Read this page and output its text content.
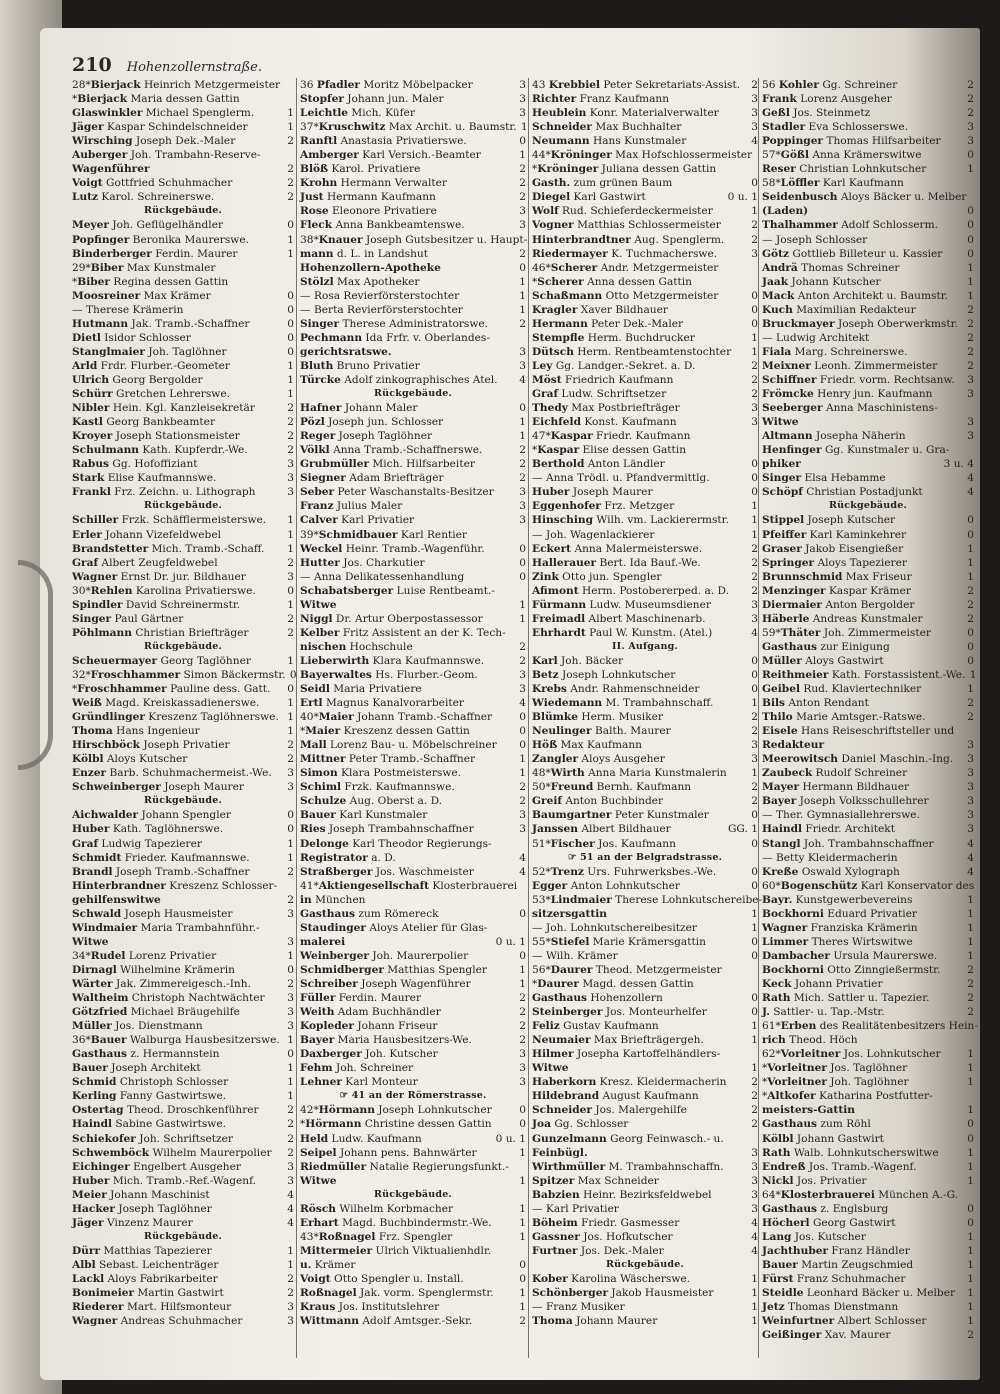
210 Hohenzollernstraße.
28*Bierjack Heinrich Metzgermeister
*Bierjack Maria dessen Gattin
Glaswinkler Michael Spenglerm.	1
Jäger Kaspar Schindelschneider	1
Wirsching Joseph Dek.-Maler	2
Auberger Joh. Trambahn-Reserve-
Wagenführer	2
Voigt Gottfried Schuhmacher	2
Lutz Karol. Schreinerswe.	2
Rückgebäude.
Meyer Joh. Geflügelhändler	0
Popfinger Beronika Maurerswe.	1
Binderberger Ferdin. Maurer	1
29*Biber Max Kunstmaler
*Biber Regina dessen Gattin
Moosreiner Max Krämer	0
— Therese Krämerin	0
Hutmann Jak. Tramb.-Schaffner	0
Dietl Isidor Schlosser	0
Stanglmaier Joh. Taglöhner	0
Arld Frdr. Flurber.-Geometer	1
Ulrich Georg Bergolder	1
Schürr Gretchen Lehrerswe.	1
Nibler Hein. Kgl. Kanzleisekretär	2
Kastl Georg Bankbeamter	2
Kroyer Joseph Stationsmeister	2
Schulmann Kath. Kupferdr.-We.	2
Rabus Gg. Hofoffiziant	3
Stark Elise Kaufmannswe.	3
Frankl Frz. Zeichn. u. Lithograph	3
Rückgebäude.
Schiller Frzk. Schäfflermeisterswe.	1
Erler Johann Vizefeldwebel	1
Brandstetter Mich. Tramb.-Schaff.	1
Graf Albert Zeugfeldwebel	2
Wagner Ernst Dr. jur. Bildhauer	3
30*Rehlen Karolina Privatierswe.	0
Spindler David Schreinermstr.	1
Singer Paul Gärtner	2
Pöhlmann Christian Briefträger	2
Rückgebäude.
Scheuermayer Georg Taglöhner	1
32*Froschhammer Simon Bäckermstr. 0
*Froschhammer Pauline dess. Gatt.	0
Weiß Magd. Kreiskassadienerswe.	1
Gründlinger Kreszenz Taglöhnerswe. 1
Thoma Hans Ingenieur	1
Hirschböck Joseph Privatier	2
Kölbl Aloys Kutscher	2
Enzer Barb. Schuhmachermeist.-We.	3
Schweinberger Joseph Maurer	3
Rückgebäude.
Aichwalder Johann Spengler	0
Huber Kath. Taglöhnerswe.	0
Graf Ludwig Tapezierer	1
Schmidt Frieder. Kaufmannswe.	1
Brandl Joseph Tramb.-Schaffner	2
Hinterbrandner Kreszenz Schlosser-
gehilfenswitwe	2
Schwald Joseph Hausmeister	3
Windmaier Maria Trambahnführ.-
Witwe	3
34*Rudel Lorenz Privatier	1
Dirnagl Wilhelmine Krämerin	0
Wärter Jak. Zimmereigesch.-Inh.	2
Waltheim Christoph Nachtwächter	3
Götzfried Michael Bräugehilfe	3
Müller Jos. Dienstmann	3
36*Bauer Walburga Hausbesitzerswe. 1
Gasthaus z. Hermannstein	0
Bauer Joseph Architekt	1
Schmid Christoph Schlosser	1
Kerling Fanny Gastwirtswe.	1
Ostertag Theod. Droschkenführer	2
Haindl Sabine Gastwirtswe.	2
Schiekofer Joh. Schriftsetzer	2
Schwemböck Wilhelm Maurerpolier	2
Eichinger Engelbert Ausgeher	3
Huber Mich. Tramb.-Ref.-Wagenf.	3
Meier Johann Maschinist	4
Hacker Joseph Taglöhner	4
Jäger Vinzenz Maurer	4
Rückgebäude.
Dürr Matthias Tapezierer	1
Albl Sebast. Leichenträger	1
Lackl Aloys Fabrikarbeiter	2
Bonimeier Martin Gastwirt	2
Riederer Mart. Hilfsmonteur	3
Wagner Andreas Schuhmacher	3
36 Pfadler Moritz Möbelpacker	3
Stopfer Johann jun. Maler	3
Leichtle Mich. Küfer	3
37*Kruschwitz Max Archit. u. Baumstr. 1
Ranftl Anastasia Privatierswe.	0
Amberger Karl Versich.-Beamter	1
Blöß Karol. Privatiere	2
Krohn Hermann Verwalter	2
Just Hermann Kaufmann	2
Rose Eleonore Privatiere	3
Fleck Anna Bankbeamtenswe.	3
38*Knauer Joseph Gutsbesitzer u. Haupt-
mann d. L. in Landshut	2
Hohenzollern-Apotheke	0
Stölzl Max Apotheker	1
— Rosa Revierförsterstochter	1
— Berta Revierförsterstochter	1
Singer Therese Administratorswe.	2
Pechmann Ida Frfr. v. Oberlandes-
gerichtsratswe.	3
Bluth Bruno Privatier	3
Türcke Adolf zinkographisches Atel.	4
Rückgebäude.
Hafner Johann Maler	0
Pözl Joseph jun. Schlosser	1
Reger Joseph Taglöhner	1
Völkl Anna Tramb.-Schaffnerswe.	2
Grubmüller Mich. Hilfsarbeiter	2
Siegner Adam Briefträger	2
Seber Peter Waschanstalts-Besitzer	3
Franz Julius Maler	3
Calver Karl Privatier	3
39*Schmidbauer Karl Rentier
Weckel Heinr. Tramb.-Wagenführ.	0
Hutter Jos. Charkutier	0
— Anna Delikatessenhandlung	0
Schabatsberger Luise Rentbeamt.-
Witwe	1
Niggl Dr. Artur Oberpostassessor	1
Kelber Fritz Assistent an der K. Tech-
nischen Hochschule	2
Lieberwirth Klara Kaufmannswe.	2
Bayerwaltes Hs. Flurber.-Geom.	3
Seidl Maria Privatiere	3
Ertl Magnus Kanalvorarbeiter	4
40*Maier Johann Tramb.-Schaffner	0
*Maier Kreszenz dessen Gattin	0
Mall Lorenz Bau- u. Möbelschreiner	0
Mittner Peter Tramb.-Schaffner	1
Simon Klara Postmeisterswe.	1
Schiml Frzk. Kaufmannswe.	2
Schulze Aug. Oberst a. D.	2
Bauer Karl Kunstmaler	3
Ries Joseph Trambahnschaffner	3
Delonge Karl Theodor Regierungs-
Registrator a. D.	4
Straßberger Jos. Waschmeister	4
41*Aktiengesellschaft Klosterbrauerei
in München
Gasthaus zum Römereck	0
Staudinger Aloys Atelier für Glas-
malerei	0 u. 1
Weinberger Joh. Maurerpolier	0
Schmidberger Matthias Spengler	1
Schreiber Joseph Wagenführer	1
Füller Ferdin. Maurer	2
Weith Adam Buchhändler	2
Kopleder Johann Friseur	2
Bayer Maria Hausbesitzers-We.	2
Daxberger Joh. Kutscher	3
Fehm Joh. Schreiner	3
Lehner Karl Monteur	3
☞ 41 an der Römerstrasse.
42*Hörmann Joseph Lohnkutscher	0
*Hörmann Christine dessen Gattin	0
Held Ludw. Kaufmann	0 u. 1
Seipel Johann pens. Bahnwärter	1
Riedmüller Natalie Regierungsfunkt.-
Witwe	1
Rückgebäude.
Rösch Wilhelm Korbmacher	1
Erhart Magd. Buchbindermstr.-We.	1
43*Roßnagel Frz. Spengler	1
Mittermeier Ulrich Viktualienhdlr.
u. Krämer	0
Voigt Otto Spengler u. Install.	0
Roßnagel Jak. vorm. Spenglermstr.	1
Kraus Jos. Institutslehrer	1
Wittmann Adolf Amtsger.-Sekr.	2
43 Krebbiel Peter Sekretariats-Assist.	2
Richter Franz Kaufmann	3
Heublein Konr. Materialverwalter	3
Schneider Max Buchhalter	3
Neumann Hans Kunstmaler	4
44*Kröninger Max Hofschlossermeister
*Kröninger Juliana dessen Gattin
Gasth. zum grünen Baum	0
Diegel Karl Gastwirt	0 u. 1
Wolf Rud. Schieferdeckermeister	1
Vogner Matthias Schlossermeister	2
Hinterbrandtner Aug. Spenglerm.	2
Riedermayer K. Tuchmacherswe.	3
46*Scherer Andr. Metzgermeister
*Scherer Anna dessen Gattin
Schaßmann Otto Metzgermeister	0
Kragler Xaver Bildhauer	0
Hermann Peter Dek.-Maler	0
Stempfle Herm. Buchdrucker	1
Dütsch Herm. Rentbeamtenstochter	1
Ley Gg. Landger.-Sekret. a. D.	2
Möst Friedrich Kaufmann	2
Graf Ludw. Schriftsetzer	2
Thedy Max Postbriefträger	3
Eichfeld Konst. Kaufmann	3
47*Kaspar Friedr. Kaufmann
*Kaspar Elise dessen Gattin
Berthold Anton Ländler	0
— Anna Trödl. u. Pfandvermittlg.	0
Huber Joseph Maurer	0
Eggenhofer Frz. Metzger	1
Hinsching Wilh. vm. Lackierermstr.	1
— Joh. Wagenlackierer	1
Eckert Anna Malermeisterswe.	2
Hallerauer Bert. Ida Bauf.-We.	2
Zink Otto jun. Spengler	2
Afimont Herm. Postobererped. a. D.	2
Fürmann Ludw. Museumsdiener	3
Freimadl Albert Maschinenarb.	3
Ehrhardt Paul W. Kunstm. (Atel.)	4
II. Aufgang.
Karl Joh. Bäcker	0
Betz Joseph Lohnkutscher	0
Krebs Andr. Rahmenschneider	0
Wiedemann M. Trambahnschaff.	1
Blümke Herm. Musiker	2
Neulinger Balth. Maurer	2
Höß Max Kaufmann	3
Zangler Aloys Ausgeher	3
48*Wirth Anna Maria Kunstmalerin	1
50*Freund Bernh. Kaufmann	2
Greif Anton Buchbinder	2
Baumgartner Peter Kunstmaler	0
Janssen Albert Bildhauer	GG. 1
51*Fischer Jos. Kaufmann	0
☞ 51 an der Belgradstrasse.
52*Trenz Urs. Fuhrwerksbes.-We.	0
Egger Anton Lohnkutscher	0
53*Lindmaier Therese Lohnkutschereibe-
sitzersgattin	1
— Joh. Lohnkutschereibesitzer	1
55*Stiefel Marie Krämersgattin	0
— Wilh. Krämer	0
56*Daurer Theod. Metzgermeister
*Daurer Magd. dessen Gattin
Gasthaus Hohenzollern	0
Steinberger Jos. Monteurhelfer	0
Feliz Gustav Kaufmann	1
Neumaier Max Briefträgergeh.	1
Hilmer Josepha Kartoffelhändlers-
Witwe	1
Haberkorn Kresz. Kleidermacherin	2
Hildebrand August Kaufmann	2
Schneider Jos. Malergehilfe	2
Joa Gg. Schlosser	2
Gunzelmann Georg Feinwasch.- u.
Feinbügl.	3
Wirthmüller M. Trambahnschaffn.	3
Spitzer Max Schneider	3
Babzien Heinr. Bezirksfeldwebel	3
— Karl Privatier	3
Böheim Friedr. Gasmesser	4
Gassner Jos. Hofkutscher	4
Furtner Jos. Dek.-Maler	4
Rückgebäude.
Kober Karolina Wäscherswe.	1
Schönberger Jakob Hausmeister	1
— Franz Musiker	1
Thoma Johann Maurer	1
56 Kohler Gg. Schreiner	2
Frank Lorenz Ausgeher	2
Geßl Jos. Steinmetz	2
Stadler Eva Schlosserswe.	3
Poppinger Thomas Hilfsarbeiter	3
57*Gößl Anna Krämerswitwe	0
Reser Christian Lohnkutscher	1
58*Löffler Karl Kaufmann
Seidenbusch Aloys Bäcker u. Melber
(Laden)	0
Thalhammer Adolf Schlosserm.	0
— Joseph Schlosser	0
Götz Gottlieb Billeteur u. Kassier	0
Andrä Thomas Schreiner	1
Jaak Johann Kutscher	1
Mack Anton Architekt u. Baumstr.	1
Kuch Maximilian Redakteur	2
Bruckmayer Joseph Oberwerkmstr. 2
— Ludwig Architekt	2
Fiala Marg. Schreinerswe.	2
Meixner Leonh. Zimmermeister	2
Schiffner Friedr. vorm. Rechtsanw.	3
Frömcke Henry jun. Kaufmann	3
Seeberger Anna Maschinistens-
Witwe	3
Altmann Josepha Näherin	3
Henfinger Gg. Kunstmaler u. Gra-
phiker	3 u. 4
Singer Elsa Hebamme	4
Schöpf Christian Postadjunkt	4
Rückgebäude.
Stippel Joseph Kutscher	0
Pfeiffer Karl Kaminkehrer	0
Graser Jakob Eisengießer	1
Springer Aloys Tapezierer	1
Brunnschmid Max Friseur	1
Menzinger Kaspar Krämer	2
Diermaier Anton Bergolder	2
Häberle Andreas Kunstmaler	2
59*Thäter Joh. Zimmermeister	0
Gasthaus zur Einigung	0
Müller Aloys Gastwirt	0
Reithmeier Kath. Forstassistent.-We. 1
Geibel Rud. Klaviertechniker	1
Bils Anton Rendant	2
Thilo Marie Amtsger.-Ratswe.	2
Eisele Hans Reiseschriftsteller und
Redakteur	3
Meerowitsch Daniel Maschin.-Ing.	3
Zaubeck Rudolf Schreiner	3
Mayer Hermann Bildhauer	3
Bayer Joseph Volksschullehrer	3
— Ther. Gymnasiallehrerswe.	3
Haindl Friedr. Architekt	3
Stangl Joh. Trambahnschaffner	4
— Betty Kleidermacherin	4
Kreße Oswald Xylograph	4
60*Bogenschütz Karl Konservator des
Bayr. Kunstgewerbevereins	1
Bockhorni Eduard Privatier	1
Wagner Franziska Krämerin	1
Limmer Theres Wirtswitwe	1
Dambacher Ursula Maurerswe.	1
Bockhorni Otto Zinngießermstr.	2
Keck Johann Privatier	2
Rath Mich. Sattler u. Tapezier.	2
J. Sattler- u. Tap.-Mstr.	2
61*Erben des Realitätenbesitzers Hein-
rich Theod. Höch
62*Vorleitner Jos. Lohnkutscher	1
*Vorleitner Jos. Taglöhner	1
*Vorleitner Joh. Taglöhner	1
*Altkofer Katharina Postfutter-
meisters-Gattin	1
Gasthaus zum Röhl	0
Kölbl Johann Gastwirt	0
Rath Walb. Lohnkutscherswitwe	1
Endreß Jos. Tramb.-Wagenf.	1
Nickl Jos. Privatier	1
64*Klosterbrauerei München A.-G.
Gasthaus z. Englsburg	0
Höcherl Georg Gastwirt	0
Lang Jos. Kutscher	1
Jachthuber Franz Händler	1
Bauer Martin Zeugschmied	1
Fürst Franz Schuhmacher	1
Steidle Leonhard Bäcker u. Melber	1
Jetz Thomas Dienstmann	1
Weinfurtner Albert Schlosser	1
Geißinger Xav. Maurer	2
